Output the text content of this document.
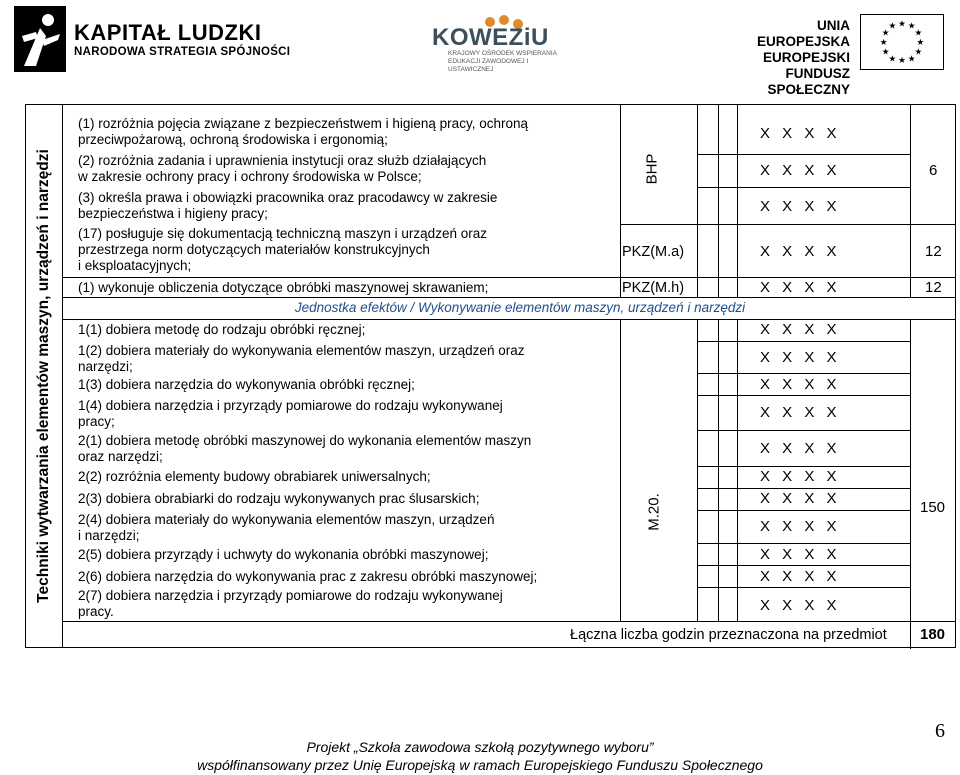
KAPITAŁ LUDZKI
NARODOWA STRATEGIA SPÓJNOŚCI
KOWEZiU
KRAJOWY OŚRODEK WSPIERANIA EDUKACJI ZAWODOWEJ I USTAWICZNEJ
UNIA EUROPEJSKA
EUROPEJSKI
FUNDUSZ SPOŁECZNY
★ ★
★
★
★
★
★
★
★
★
★
★
Techniki wytwarzania elementów maszyn, urządzeń i narzędzi
(1) rozróżnia pojęcia związane z bezpieczeństwem i higieną pracy, ochroną
przeciwpożarową, ochroną środowiska i ergonomią;
(2) rozróżnia zadania i uprawnienia instytucji oraz służb działających
w zakresie ochrony pracy i ochrony środowiska w Polsce;
(3) określa prawa i obowiązki pracownika oraz pracodawcy w zakresie
bezpieczeństwa i higieny pracy;
(17) posługuje się dokumentacją techniczną maszyn i urządzeń oraz
przestrzega norm dotyczących materiałów konstrukcyjnych
i eksploatacyjnych;
(1) wykonuje obliczenia dotyczące obróbki maszynowej skrawaniem;
BHP
PKZ(M.a)
PKZ(M.h)
X X X X
X X X X
X X X X
X X X X
X X X X
6
12
12
Jednostka efektów / Wykonywanie elementów maszyn, urządzeń i narzędzi
1(1) dobiera metodę do rodzaju obróbki ręcznej;
1(2) dobiera materiały do wykonywania elementów maszyn, urządzeń oraz
narzędzi;
1(3) dobiera narzędzia do wykonywania obróbki ręcznej;
1(4) dobiera narzędzia i przyrządy pomiarowe do rodzaju wykonywanej
pracy;
2(1) dobiera metodę obróbki maszynowej do wykonania elementów maszyn
oraz narzędzi;
2(2) rozróżnia elementy budowy obrabiarek uniwersalnych;
2(3) dobiera obrabiarki do rodzaju wykonywanych prac ślusarskich;
2(4) dobiera materiały do wykonywania elementów maszyn, urządzeń
i narzędzi;
2(5) dobiera przyrządy i uchwyty do wykonania obróbki maszynowej;
2(6) dobiera narzędzia do wykonywania prac z zakresu obróbki maszynowej;
2(7) dobiera narzędzia i przyrządy pomiarowe do rodzaju wykonywanej
pracy.
M.20.
X X X X
X X X X
X X X X
X X X X
X X X X
X X X X
X X X X
X X X X
X X X X
X X X X
X X X X
150
Łączna liczba godzin przeznaczona na przedmiot 180
6
Projekt „Szkoła zawodowa szkołą pozytywnego wyboru”
współfinansowany przez Unię Europejską w ramach Europejskiego Funduszu Społecznego
